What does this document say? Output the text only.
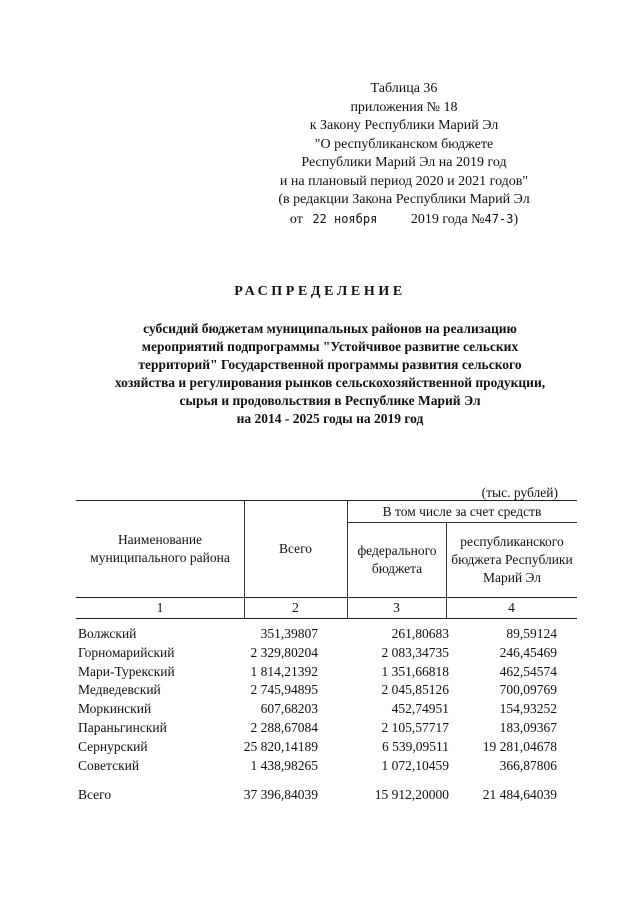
Таблица 36
приложения № 18
к Закону Республики Марий Эл
"О республиканском бюджете
Республики Марий Эл на 2019 год
и на плановый период 2020 и 2021 годов"
(в редакции Закона Республики Марий Эл
от 22 ноября 2019 года №47-З)
РАСПРЕДЕЛЕНИЕ
субсидий бюджетам муниципальных районов на реализацию
мероприятий подпрограммы "Устойчивое развитие сельских
территорий" Государственной программы развития сельского
хозяйства и регулирования рынков сельскохозяйственной продукции,
сырья и продовольствия в Республике Марий Эл
на 2014 - 2025 годы на 2019 год
(тыс. рублей)
Наименование муниципального района
Всего
В том числе за счет средств
федерального бюджета
республиканского бюджета Республики Марий Эл
1	2	3	4
Волжский	351,39807	261,80683	89,59124
Горномарийский	2 329,80204	2 083,34735	246,45469
Мари-Турекский	1 814,21392	1 351,66818	462,54574
Медведевский	2 745,94895	2 045,85126	700,09769
Моркинский	607,68203	452,74951	154,93252
Параньгинский	2 288,67084	2 105,57717	183,09367
Сернурский	25 820,14189	6 539,09511	19 281,04678
Советский	1 438,98265	1 072,10459	366,87806
Всего	37 396,84039	15 912,20000	21 484,64039
